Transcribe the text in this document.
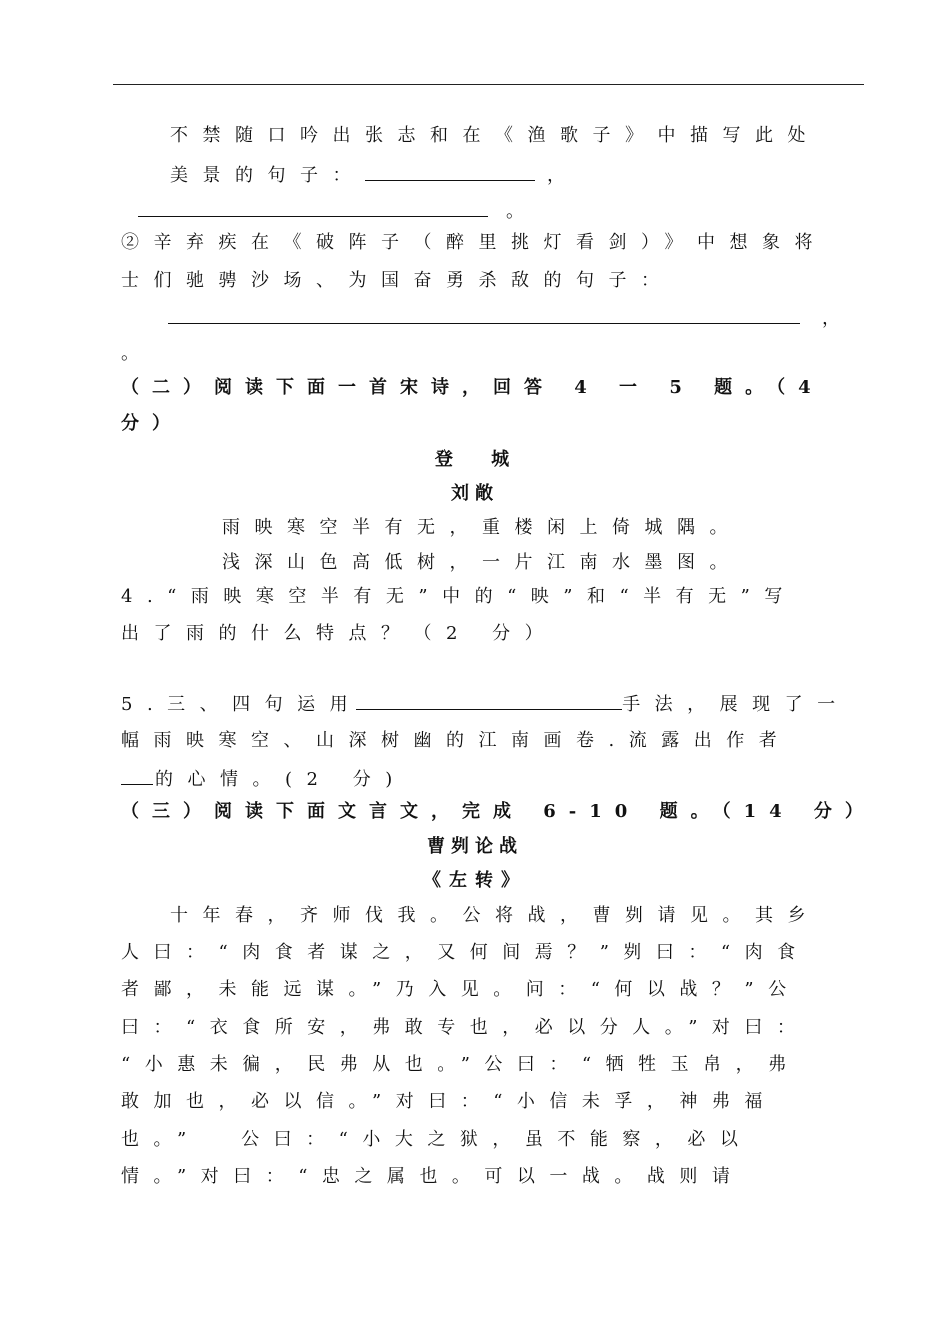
不禁随口吟出张志和在《渔歌子》中描写此处
美景的句子：	，
。
②辛弃疾在《破阵子（醉里挑灯看剑）》中想象将
士们驰骋沙场、为国奋勇杀敌的句子：
，
。
（二）阅读下面一首宋诗，回答 4 一 5 题。（4
分）
登 城
刘敞
雨映寒空半有无，重楼闲上倚城隅。
浅深山色高低树，一片江南水墨图。
4.“雨映寒空半有无”中的“映”和“半有无”写
出了雨的什么特点？（2 分）
5.三、四句运用	手法，展现了一
幅雨映寒空、山深树幽的江南画卷.流露出作者
的心情。(2 分)
（三）阅读下面文言文，完成 6-10 题。（14 分）
曹刿论战
《左转》
十年春，齐师伐我。公将战，曹刿请见。其乡
人曰：“肉食者谋之，又何间焉？”刿曰：“肉食
者鄙，未能远谋。”乃入见。问：“何以战？”公
曰：“衣食所安，弗敢专也，必以分人。”对曰：
“小惠未徧，民弗从也。”公曰：“牺牲玉帛，弗
敢加也，必以信。”对曰：“小信未孚，神弗福
也。”  公曰：“小大之狱，虽不能察，必以
情。”对曰：“忠之属也。可以一战。战则请
